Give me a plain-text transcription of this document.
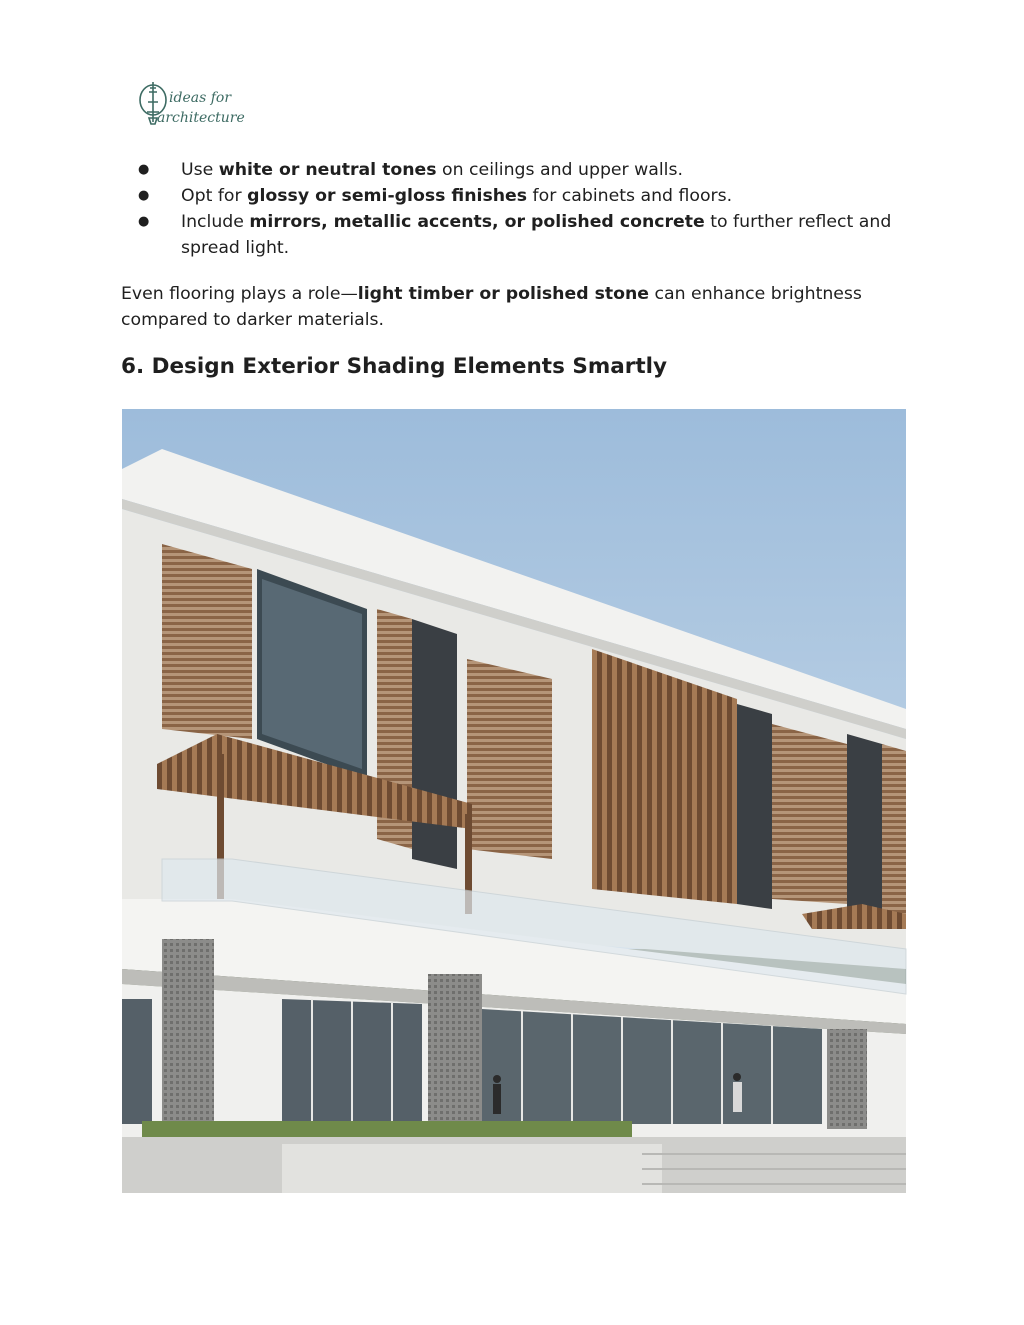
ideas for
architecture
● Use white or neutral tones on ceilings and upper walls.
● Opt for glossy or semi-gloss finishes for cabinets and floors.
● Include mirrors, metallic accents, or polished concrete to further reflect and spread light.

Even flooring plays a role—light timber or polished stone can enhance brightness compared to darker materials.

6. Design Exterior Shading Elements Smartly
